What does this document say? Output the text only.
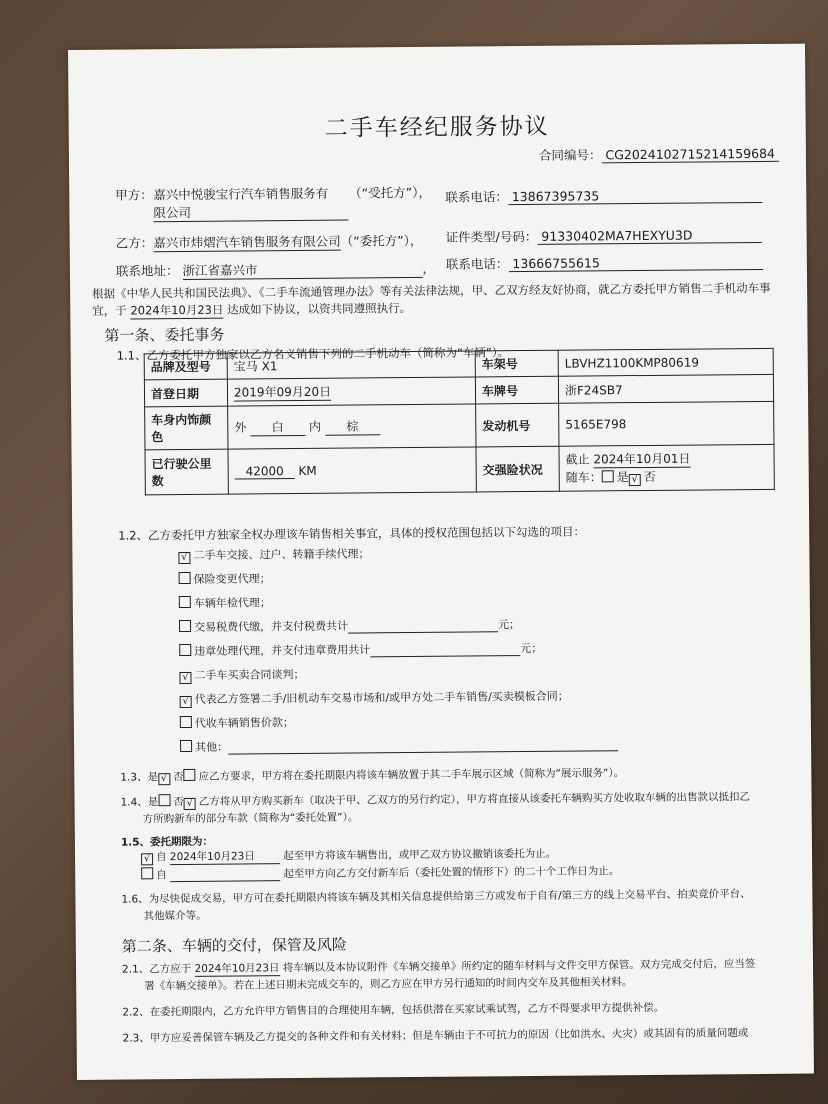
二手车经纪服务协议
合同编号： CG2024102715214159684
甲方： 嘉兴中悦骏宝行汽车销售服务有 （“受托方”），
限公司
联系电话： 13867395735
乙方：嘉兴市炜熠汽车销售服务有限公司（“委托方”）， 证件类型/号码： 91330402MA7HEXYU3D
联系地址： 浙江省嘉兴市	， 联系电话： 13666755615
根据《中华人民共和国民法典》、《二手车流通管理办法》等有关法律法规，甲、乙双方经友好协商，就乙方委托甲方销售二手机动车事
宜，于 2024年10月23日 达成如下协议，以资共同遵照执行。
第一条、委托事务
1.1、乙方委托甲方独家以乙方名义销售下列的二手机动车（简称为“车辆”）。
品牌及型号	宝马 X1	车架号	LBVHZ1100KMP80619
首登日期	2019年09月20日	车牌号	浙F24SB7
车身内饰颜色	外 白 内 棕	发动机号	5165E798
已行驶公里数	42000 KM	交强险状况	截止 2024年10月01日
随车： 是 √ 否
1.2、乙方委托甲方独家全权办理该车销售相关事宜，具体的授权范围包括以下勾选的项目：
√ 二手车交接、过户、转籍手续代理；
保险变更代理；
车辆年检代理；
交易税费代缴，并支付税费共计	元；
违章处理代理，并支付违章费用共计	元；
√ 二手车买卖合同谈判；
√ 代表乙方签署二手/旧机动车交易市场和/或甲方处二手车销售/买卖模板合同；
代收车辆销售价款；
其他：
1.3、是 √ 否 应乙方要求，甲方将在委托期限内将该车辆放置于其二手车展示区域（简称为“展示服务”）。
1.4、是 否 √ 乙方将从甲方购买新车（取决于甲、乙双方的另行约定），甲方将直接从该委托车辆购买方处收取车辆的出售款以抵扣乙
方所购新车的部分车款（简称为“委托处置”）。
1.5、委托期限为：
√ 自 2024年10月23日	起至甲方将该车辆售出，或甲乙双方协议撤销该委托为止。
自	起至甲方向乙方交付新车后（委托处置的情形下）的二十个工作日为止。
1.6、为尽快促成交易，甲方可在委托期限内将该车辆及其相关信息提供给第三方或发布于自有/第三方的线上交易平台、拍卖竞价平台、
其他媒介等。
第二条、车辆的交付，保管及风险
2.1、乙方应于 2024年10月23日 将车辆以及本协议附件《车辆交接单》所约定的随车材料与文件交甲方保管。双方完成交付后，应当签
署《车辆交接单》。若在上述日期未完成交车的，则乙方应在甲方另行通知的时间内交车及其他相关材料。
2.2、在委托期限内，乙方允许甲方销售目的合理使用车辆，包括供潜在买家试乘试驾，乙方不得要求甲方提供补偿。
2.3、甲方应妥善保管车辆及乙方提交的各种文件和有关材料；但是车辆由于不可抗力的原因（比如洪水、火灾）或其固有的质量问题或
